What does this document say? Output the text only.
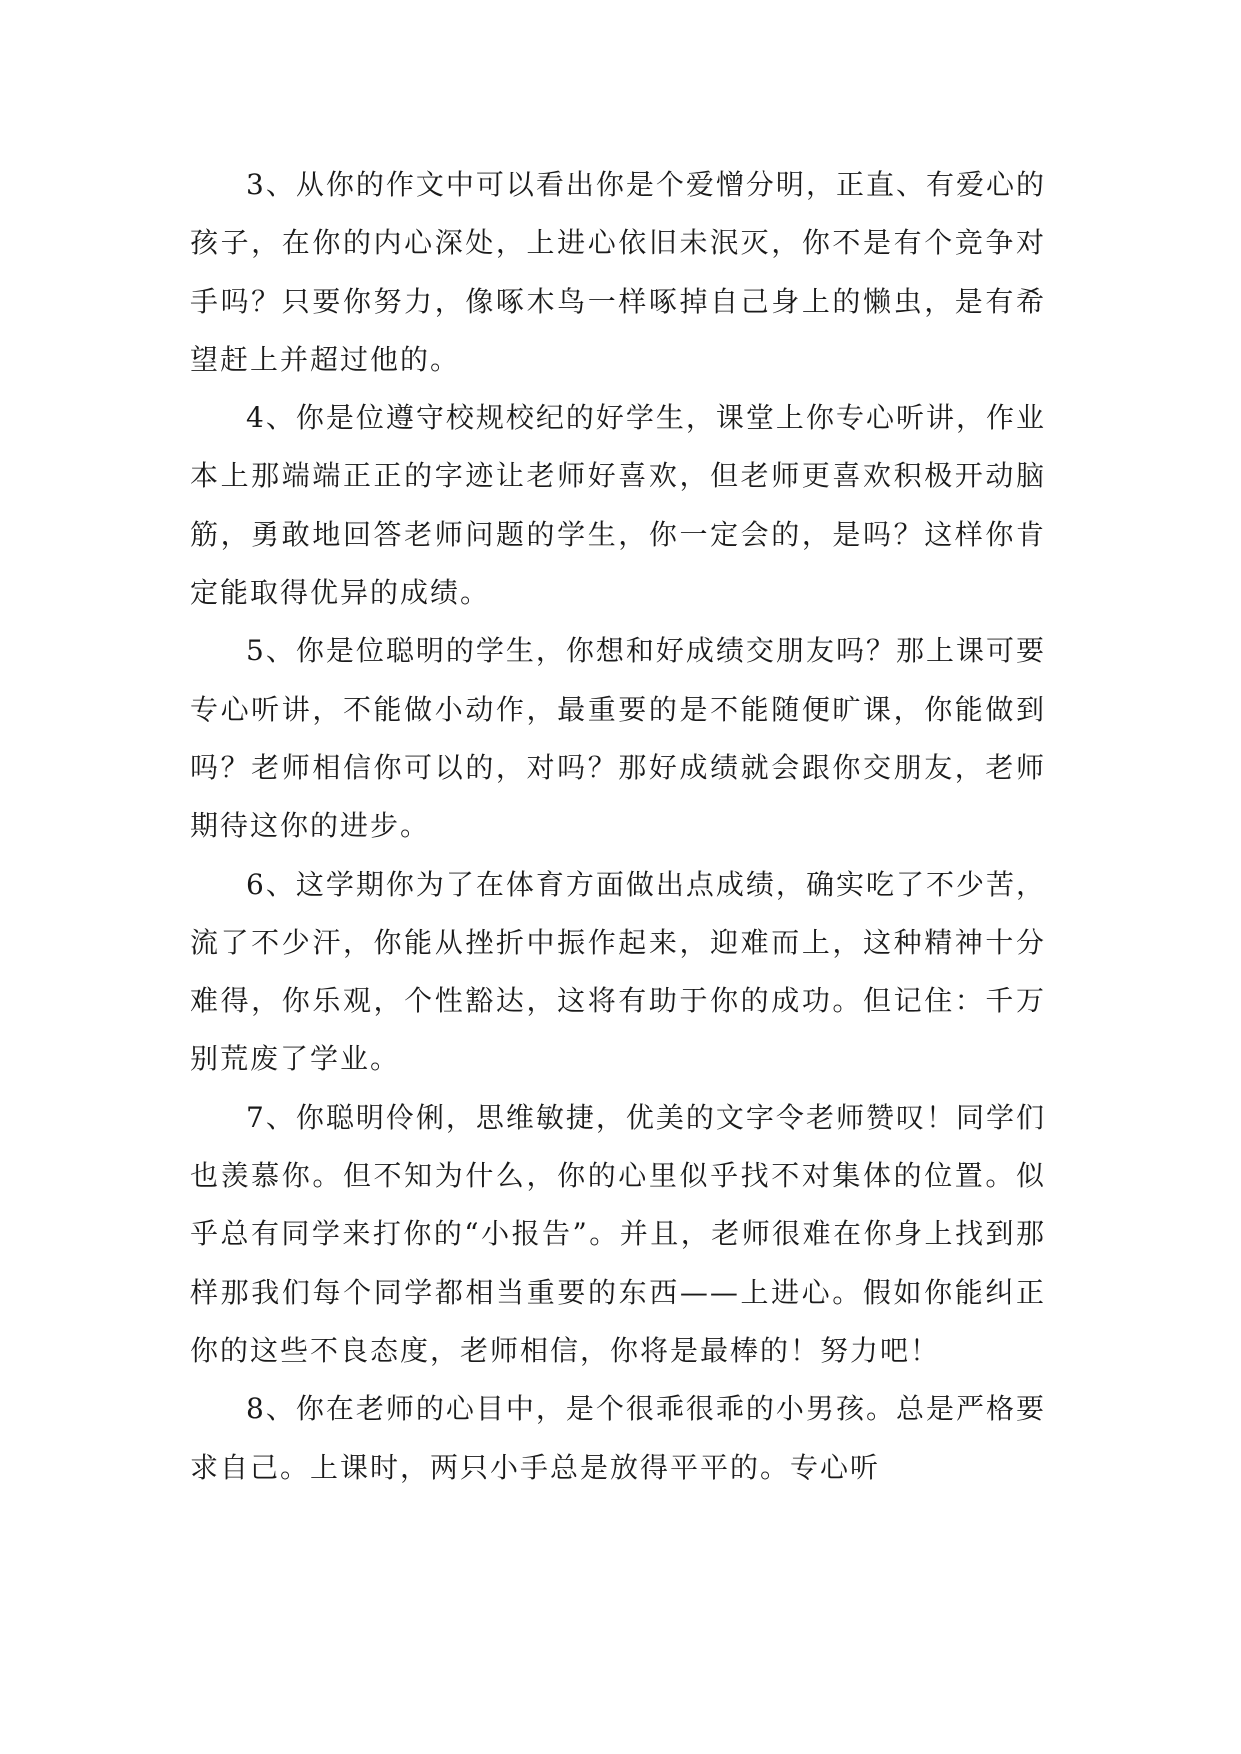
3、从你的作文中可以看出你是个爱憎分明，正直、有爱心的孩子，在你的内心深处，上进心依旧未泯灭，你不是有个竞争对手吗？只要你努力，像啄木鸟一样啄掉自己身上的懒虫，是有希望赶上并超过他的。

4、你是位遵守校规校纪的好学生，课堂上你专心听讲，作业本上那端端正正的字迹让老师好喜欢，但老师更喜欢积极开动脑筋，勇敢地回答老师问题的学生，你一定会的，是吗？这样你肯定能取得优异的成绩。

5、你是位聪明的学生，你想和好成绩交朋友吗？那上课可要专心听讲，不能做小动作，最重要的是不能随便旷课，你能做到吗？老师相信你可以的，对吗？那好成绩就会跟你交朋友，老师期待这你的进步。

6、这学期你为了在体育方面做出点成绩，确实吃了不少苦，流了不少汗，你能从挫折中振作起来，迎难而上，这种精神十分难得，你乐观，个性豁达，这将有助于你的成功。但记住：千万别荒废了学业。

7、你聪明伶俐，思维敏捷，优美的文字令老师赞叹！同学们也羡慕你。但不知为什么，你的心里似乎找不对集体的位置。似乎总有同学来打你的“小报告”。并且，老师很难在你身上找到那样那我们每个同学都相当重要的东西——上进心。假如你能纠正你的这些不良态度，老师相信，你将是最棒的！努力吧！

8、你在老师的心目中，是个很乖很乖的小男孩。总是严格要求自己。上课时，两只小手总是放得平平的。专心听
